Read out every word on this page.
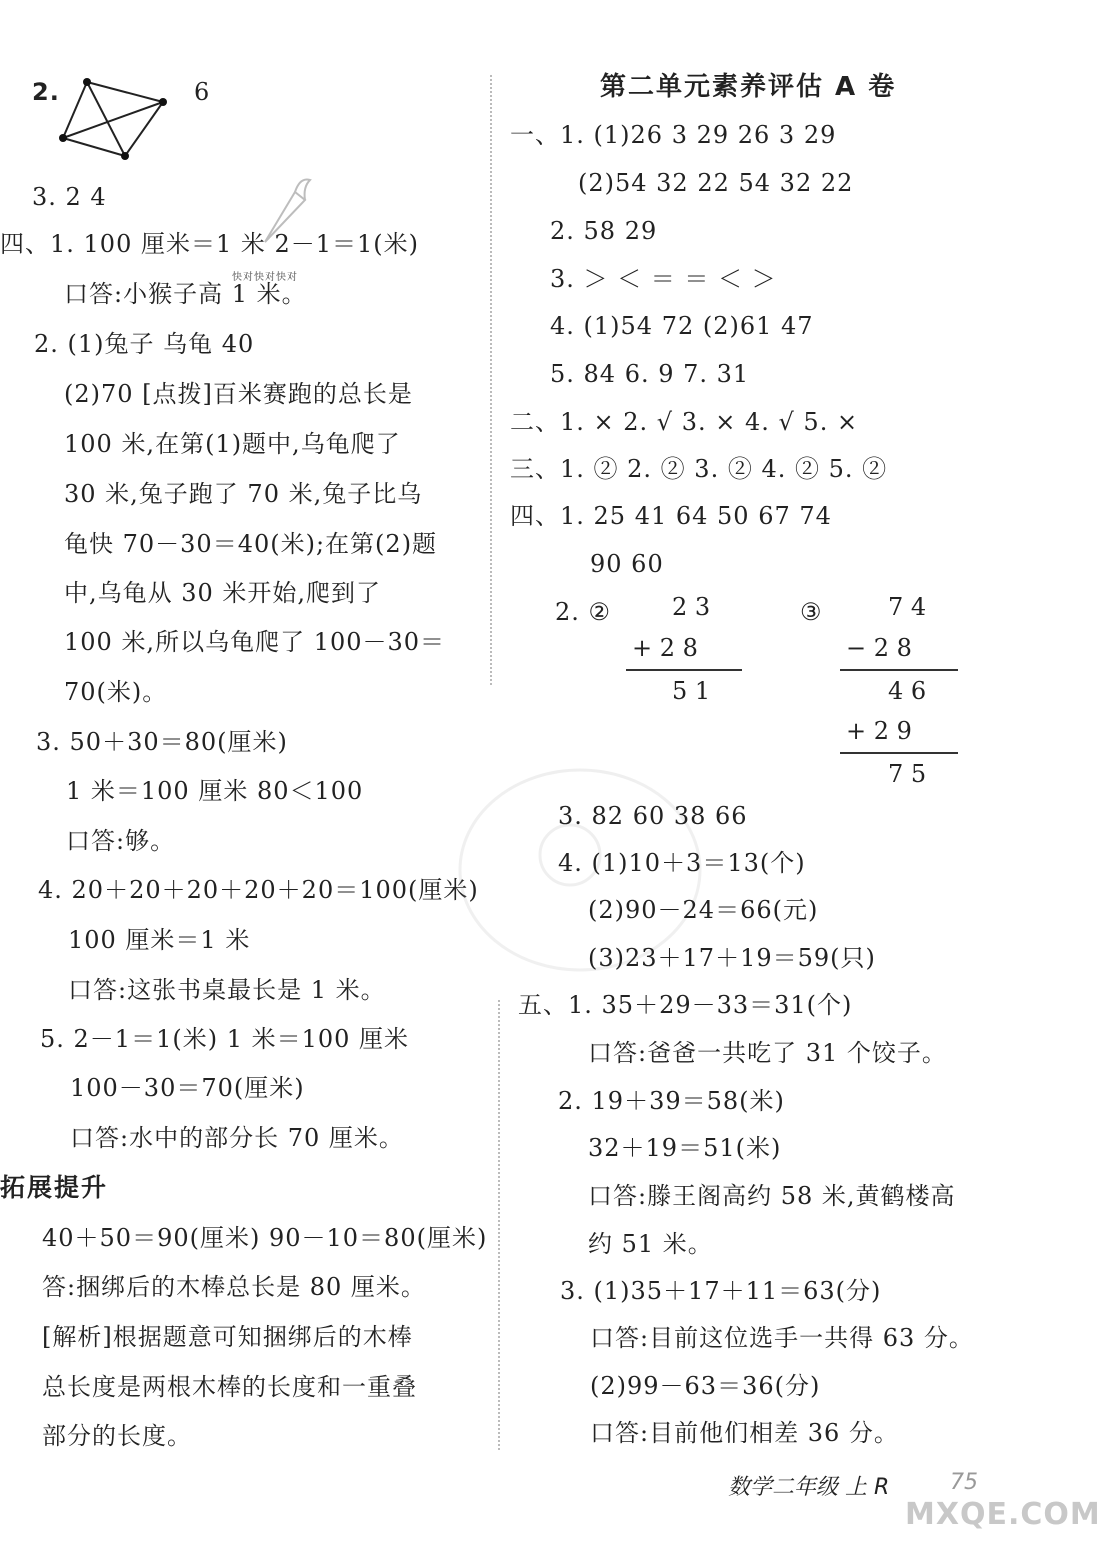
2.	6
3. 2 4
快对快对快对
四、1. 100 厘米＝1 米 2－1＝1(米)
口答:小猴子高 1 米。
2. (1)兔子 乌龟 40
(2)70 [点拨]百米赛跑的总长是
100 米,在第(1)题中,乌龟爬了
30 米,兔子跑了 70 米,兔子比乌
龟快 70－30＝40(米);在第(2)题
中,乌龟从 30 米开始,爬到了
100 米,所以乌龟爬了 100－30＝
70(米)。
3. 50＋30＝80(厘米)
1 米＝100 厘米 80＜100
口答:够。
4. 20＋20＋20＋20＋20＝100(厘米)
100 厘米＝1 米
口答:这张书桌最长是 1 米。
5. 2－1＝1(米) 1 米＝100 厘米
100－30＝70(厘米)
口答:水中的部分长 70 厘米。
拓展提升
40＋50＝90(厘米) 90－10＝80(厘米)
答:捆绑后的木棒总长是 80 厘米。
[解析]根据题意可知捆绑后的木棒
总长度是两根木棒的长度和一重叠
部分的长度。
第二单元素养评估 A 卷
一、1. (1)26 3 29 26 3 29
(2)54 32 22 54 32 22
2. 58 29
3. ＞ ＜ ＝ ＝ ＜ ＞
4. (1)54 72 (2)61 47
5. 84 6. 9 7. 31
二、1. × 2. √ 3. × 4. √ 5. ×
三、1. ② 2. ② 3. ② 4. ② 5. ②
四、1. 25 41 64 50 67 74
90 60
2. ②	2 3
+ 2 8
5 1
③	7 4
− 2 8
4 6
+ 2 9
7 5
3. 82 60 38 66
4. (1)10＋3＝13(个)
(2)90－24＝66(元)
(3)23＋17＋19＝59(只)
五、1. 35＋29－33＝31(个)
口答:爸爸一共吃了 31 个饺子。
2. 19＋39＝58(米)
32＋19＝51(米)
口答:滕王阁高约 58 米,黄鹤楼高
约 51 米。
3. (1)35＋17＋11＝63(分)
口答:目前这位选手一共得 63 分。
(2)99－63＝36(分)
口答:目前他们相差 36 分。
数学二年级 上 R	75
MXQE.COM
